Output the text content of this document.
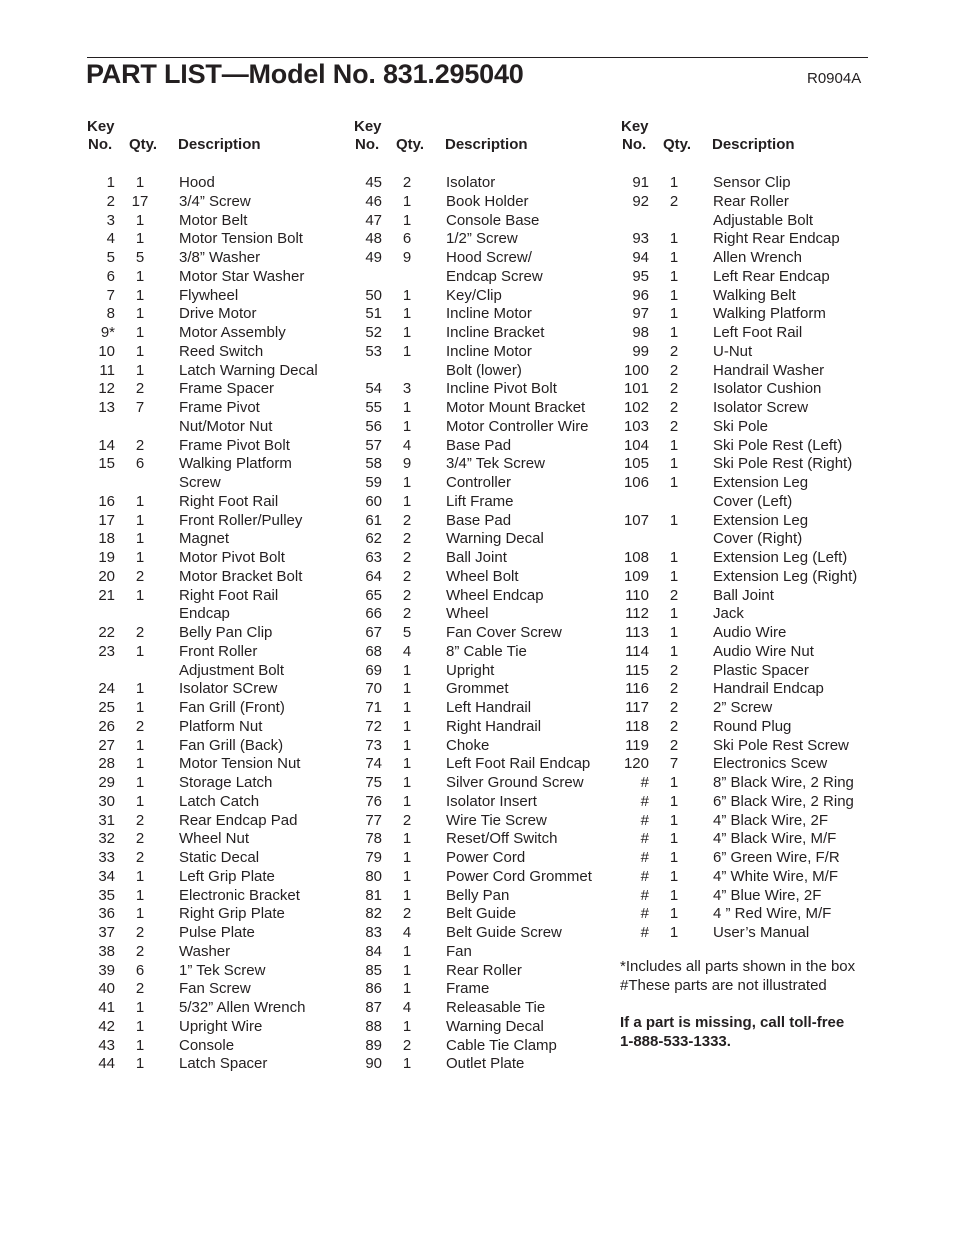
PART LIST—Model No. 831.295040	R0904A
Key
No. Qty. Description
1	1	Hood
2	17	3/4” Screw
3	1	Motor Belt
4	1	Motor Tension Bolt
5	5	3/8” Washer
6	1	Motor Star Washer
7	1	Flywheel
8	1	Drive Motor
9*	1	Motor Assembly
10	1	Reed Switch
11	1	Latch Warning Decal
12	2	Frame Spacer
13	7	Frame Pivot
Nut/Motor Nut
14	2	Frame Pivot Bolt
15	6	Walking Platform
Screw
16	1	Right Foot Rail
17	1	Front Roller/Pulley
18	1	Magnet
19	1	Motor Pivot Bolt
20	2	Motor Bracket Bolt
21	1	Right Foot Rail
Endcap
22	2	Belly Pan Clip
23	1	Front Roller
Adjustment Bolt
24	1	Isolator SCrew
25	1	Fan Grill (Front)
26	2	Platform Nut
27	1	Fan Grill (Back)
28	1	Motor Tension Nut
29	1	Storage Latch
30	1	Latch Catch
31	2	Rear Endcap Pad
32	2	Wheel Nut
33	2	Static Decal
34	1	Left Grip Plate
35	1	Electronic Bracket
36	1	Right Grip Plate
37	2	Pulse Plate
38	2	Washer
39	6	1” Tek Screw
40	2	Fan Screw
41	1	5/32” Allen Wrench
42	1	Upright Wire
43	1	Console
44	1	Latch Spacer
Key
No. Qty. Description
45	2	Isolator
46	1	Book Holder
47	1	Console Base
48	6	1/2” Screw
49	9	Hood Screw/
Endcap Screw
50	1	Key/Clip
51	1	Incline Motor
52	1	Incline Bracket
53	1	Incline Motor
Bolt (lower)
54	3	Incline Pivot Bolt
55	1	Motor Mount Bracket
56	1	Motor Controller Wire
57	4	Base Pad
58	9	3/4” Tek Screw
59	1	Controller
60	1	Lift Frame
61	2	Base Pad
62	2	Warning Decal
63	2	Ball Joint
64	2	Wheel Bolt
65	2	Wheel Endcap
66	2	Wheel
67	5	Fan Cover Screw
68	4	8” Cable Tie
69	1	Upright
70	1	Grommet
71	1	Left Handrail
72	1	Right Handrail
73	1	Choke
74	1	Left Foot Rail Endcap
75	1	Silver Ground Screw
76	1	Isolator Insert
77	2	Wire Tie Screw
78	1	Reset/Off Switch
79	1	Power Cord
80	1	Power Cord Grommet
81	1	Belly Pan
82	2	Belt Guide
83	4	Belt Guide Screw
84	1	Fan
85	1	Rear Roller
86	1	Frame
87	4	Releasable Tie
88	1	Warning Decal
89	2	Cable Tie Clamp
90	1	Outlet Plate
Key
No. Qty. Description
91	1	Sensor Clip
92	2	Rear Roller
Adjustable Bolt
93	1	Right Rear Endcap
94	1	Allen Wrench
95	1	Left Rear Endcap
96	1	Walking Belt
97	1	Walking Platform
98	1	Left Foot Rail
99	2	U-Nut
100	2	Handrail Washer
101	2	Isolator Cushion
102	2	Isolator Screw
103	2	Ski Pole
104	1	Ski Pole Rest (Left)
105	1	Ski Pole Rest (Right)
106	1	Extension Leg
Cover (Left)
107	1	Extension Leg
Cover (Right)
108	1	Extension Leg (Left)
109	1	Extension Leg (Right)
110	2	Ball Joint
112	1	Jack
113	1	Audio Wire
114	1	Audio Wire Nut
115	2	Plastic Spacer
116	2	Handrail Endcap
117	2	2” Screw
118	2	Round Plug
119	2	Ski Pole Rest Screw
120	7	Electronics Scew
#	1	8” Black Wire, 2 Ring
#	1	6” Black Wire, 2 Ring
#	1	4” Black Wire, 2F
#	1	4” Black Wire, M/F
#	1	6” Green Wire, F/R
#	1	4” White Wire, M/F
#	1	4” Blue Wire, 2F
#	1	4 ” Red Wire, M/F
#	1	User’s Manual
*Includes all parts shown in the box
#These parts are not illustrated
If a part is missing, call toll-free
1-888-533-1333.
